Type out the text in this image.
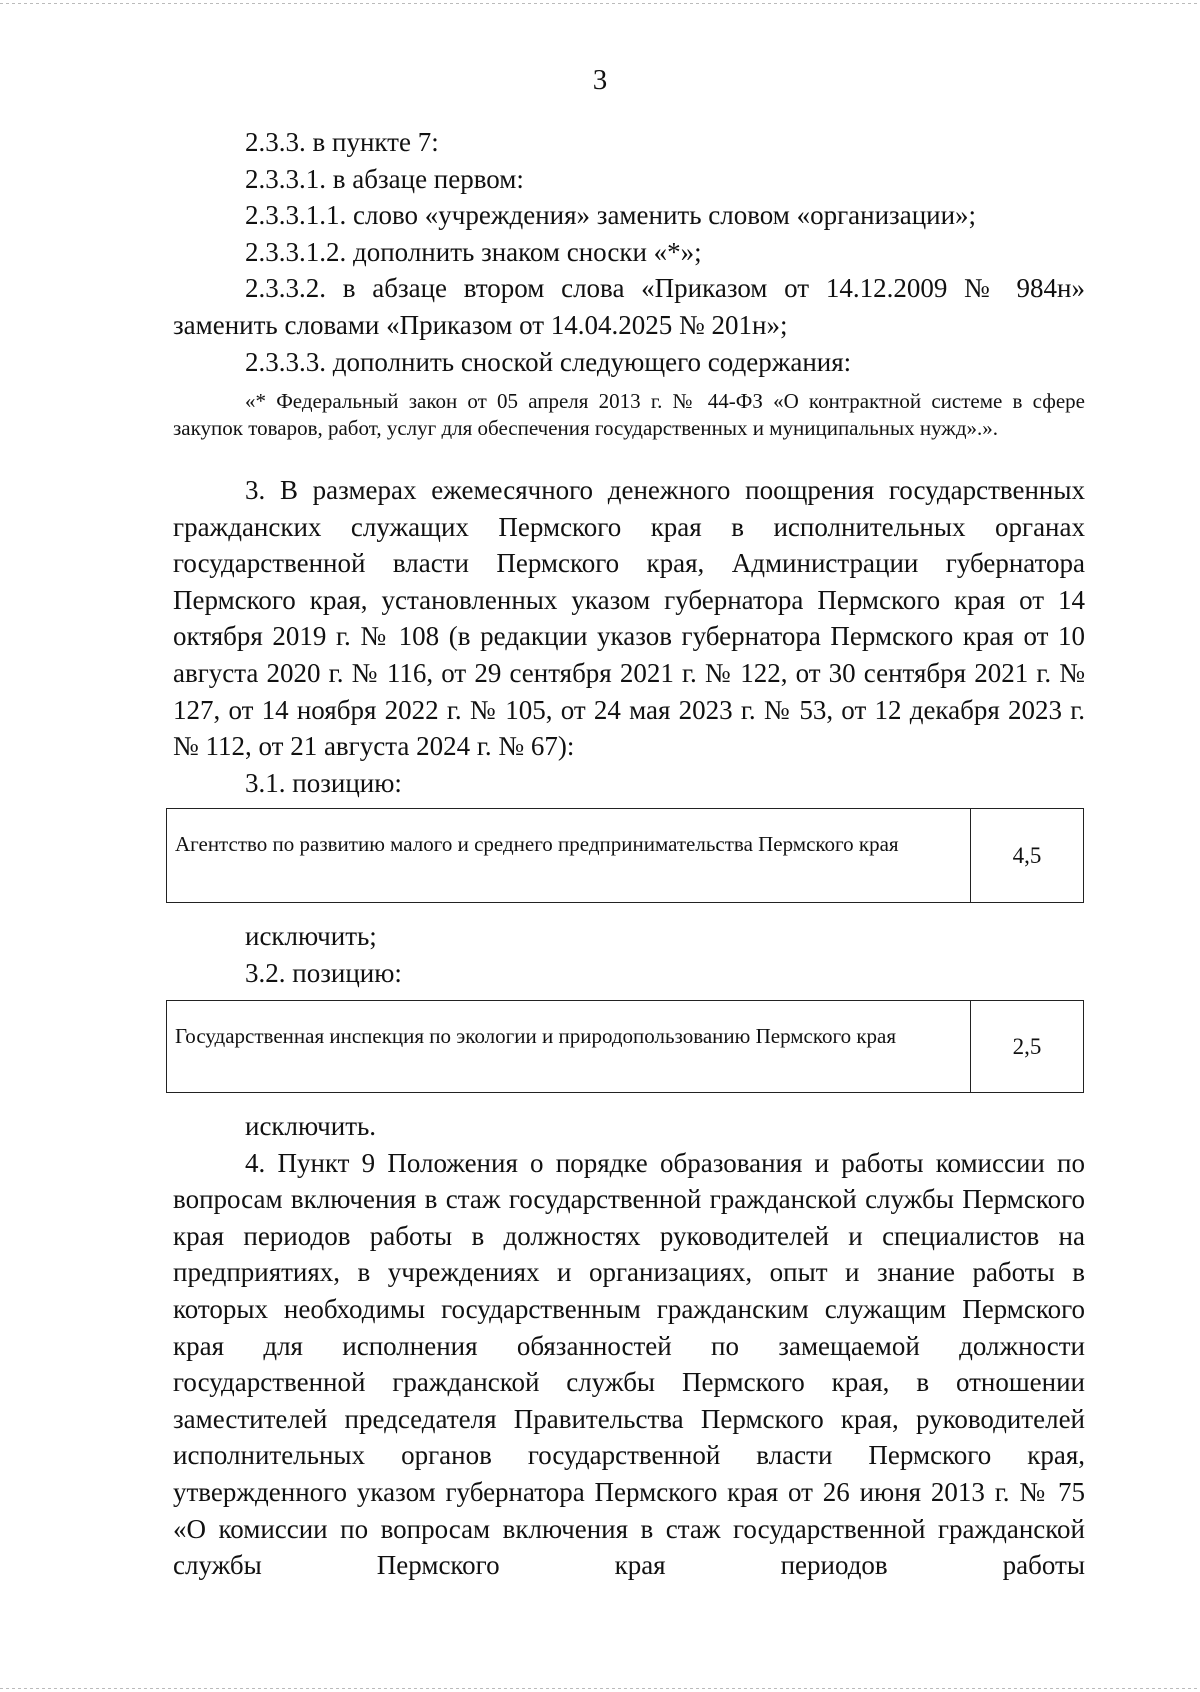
3

2.3.3. в пункте 7:

2.3.3.1. в абзаце первом:

2.3.3.1.1. слово «учреждения» заменить словом «организации»;

2.3.3.1.2. дополнить знаком сноски «*»;

2.3.3.2. в абзаце втором слова «Приказом от 14.12.2009 № 984н» заменить словами «Приказом от 14.04.2025 № 201н»;

2.3.3.3. дополнить сноской следующего содержания:

«* Федеральный закон от 05 апреля 2013 г. № 44-ФЗ «О контрактной системе в сфере закупок товаров, работ, услуг для обеспечения государственных и муниципальных нужд».».

3. В размерах ежемесячного денежного поощрения государственных гражданских служащих Пермского края в исполнительных органах государственной власти Пермского края, Администрации губернатора Пермского края, установленных указом губернатора Пермского края от 14 октября 2019 г. № 108 (в редакции указов губернатора Пермского края от 10 августа 2020 г. № 116, от 29 сентября 2021 г. № 122, от 30 сентября 2021 г. № 127, от 14 ноября 2022 г. № 105, от 24 мая 2023 г. № 53, от 12 декабря 2023 г. № 112, от 21 августа 2024 г. № 67):

3.1. позицию:

Агентство по развитию малого и среднего предпринимательства Пермского края	4,5

исключить;

3.2. позицию:

Государственная инспекция по экологии и природопользованию Пермского края	2,5

исключить.

4. Пункт 9 Положения о порядке образования и работы комиссии по вопросам включения в стаж государственной гражданской службы Пермского края периодов работы в должностях руководителей и специалистов на предприятиях, в учреждениях и организациях, опыт и знание работы в которых необходимы государственным гражданским служащим Пермского края для исполнения обязанностей по замещаемой должности государственной гражданской службы Пермского края, в отношении заместителей председателя Правительства Пермского края, руководителей исполнительных органов государственной власти Пермского края, утвержденного указом губернатора Пермского края от 26 июня 2013 г. № 75 «О комиссии по вопросам включения в стаж государственной гражданской службы Пермского края периодов работы
